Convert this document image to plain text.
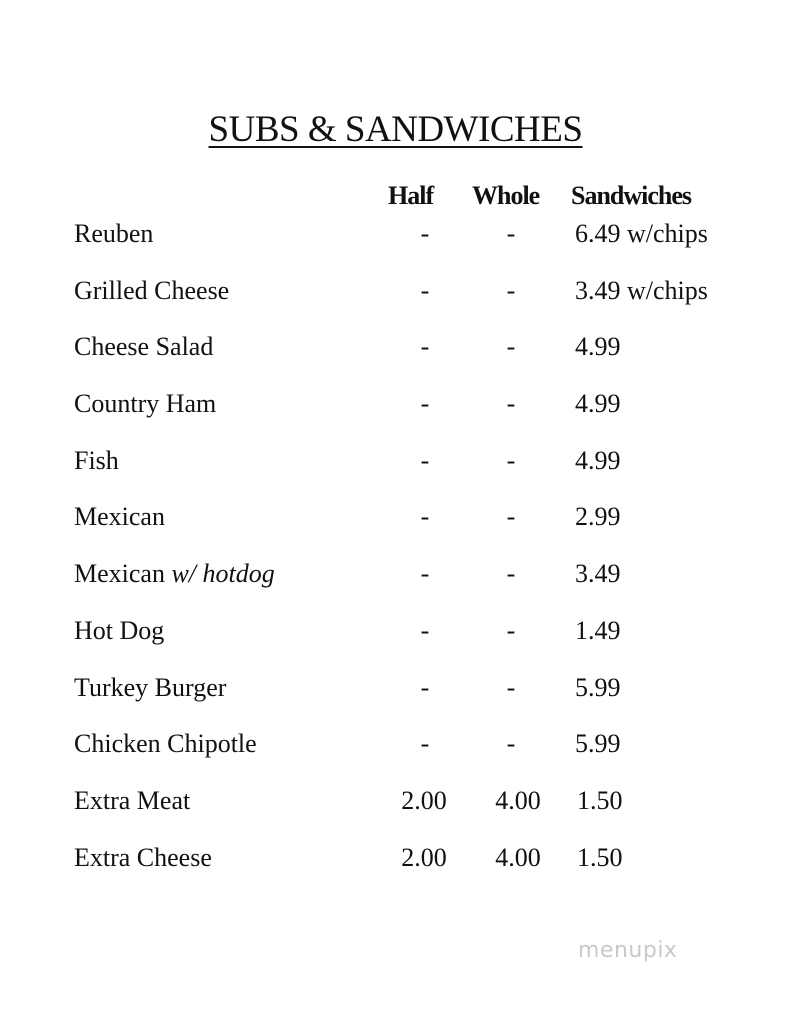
SUBS & SANDWICHES
Half Whole Sandwiches
Reuben	-	-	6.49 w/chips
Grilled Cheese	-	-	3.49 w/chips
Cheese Salad	-	-	4.99
Country Ham	-	-	4.99
Fish	-	-	4.99
Mexican	-	-	2.99
Mexican w/ hotdog	-	-	3.49
Hot Dog	-	-	1.49
Turkey Burger	-	-	5.99
Chicken Chipotle	-	-	5.99
Extra Meat	2.00	4.00	1.50
Extra Cheese	2.00	4.00	1.50
menupix
